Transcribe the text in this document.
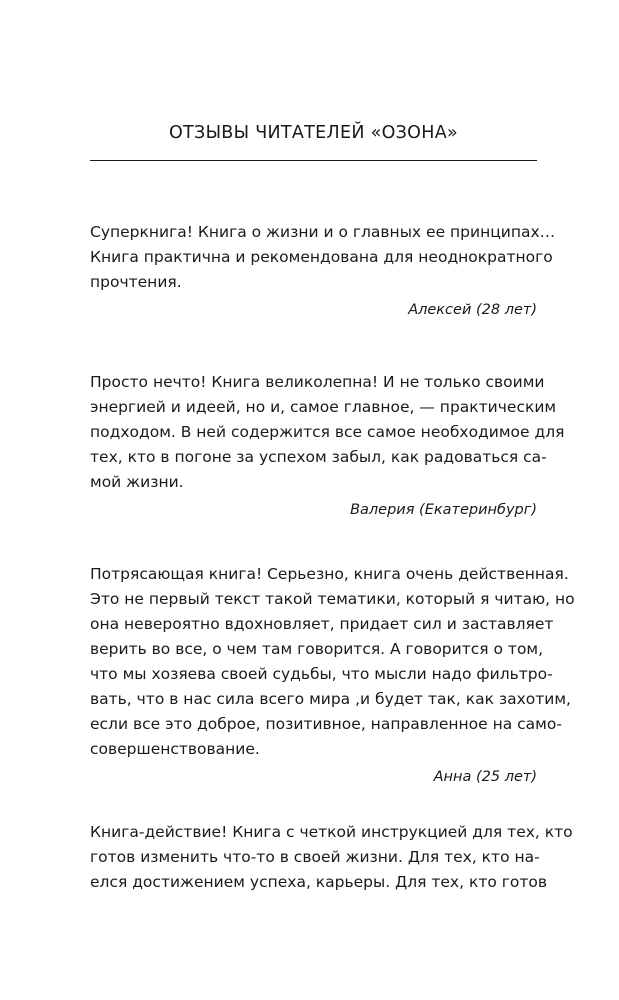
ОТЗЫВЫ ЧИТАТЕЛЕЙ «ОЗОНА»

Суперкнига! Книга о жизни и о главных ее принципах…
Книга практична и рекомендована для неоднократного
прочтения.

Алексей (28 лет)

Просто нечто! Книга великолепна! И не только своими
энергией и идеей, но и, самое главное, — практическим
подходом. В ней содержится все самое необходимое для
тех, кто в погоне за успехом забыл, как радоваться са-
мой жизни.

Валерия (Екатеринбург)

Потрясающая книга! Серьезно, книга очень действенная.
Это не первый текст такой тематики, который я читаю, но
она невероятно вдохновляет, придает сил и заставляет
верить во все, о чем там говорится. А говорится о том,
что мы хозяева своей судьбы, что мысли надо фильтро-
вать, что в нас сила всего мира ,и будет так, как захотим,
если все это доброе, позитивное, направленное на само-
совершенствование.

Анна (25 лет)

Книга-действие! Книга с четкой инструкцией для тех, кто
готов изменить что-то в своей жизни. Для тех, кто на-
елся достижением успеха, карьеры. Для тех, кто готов
